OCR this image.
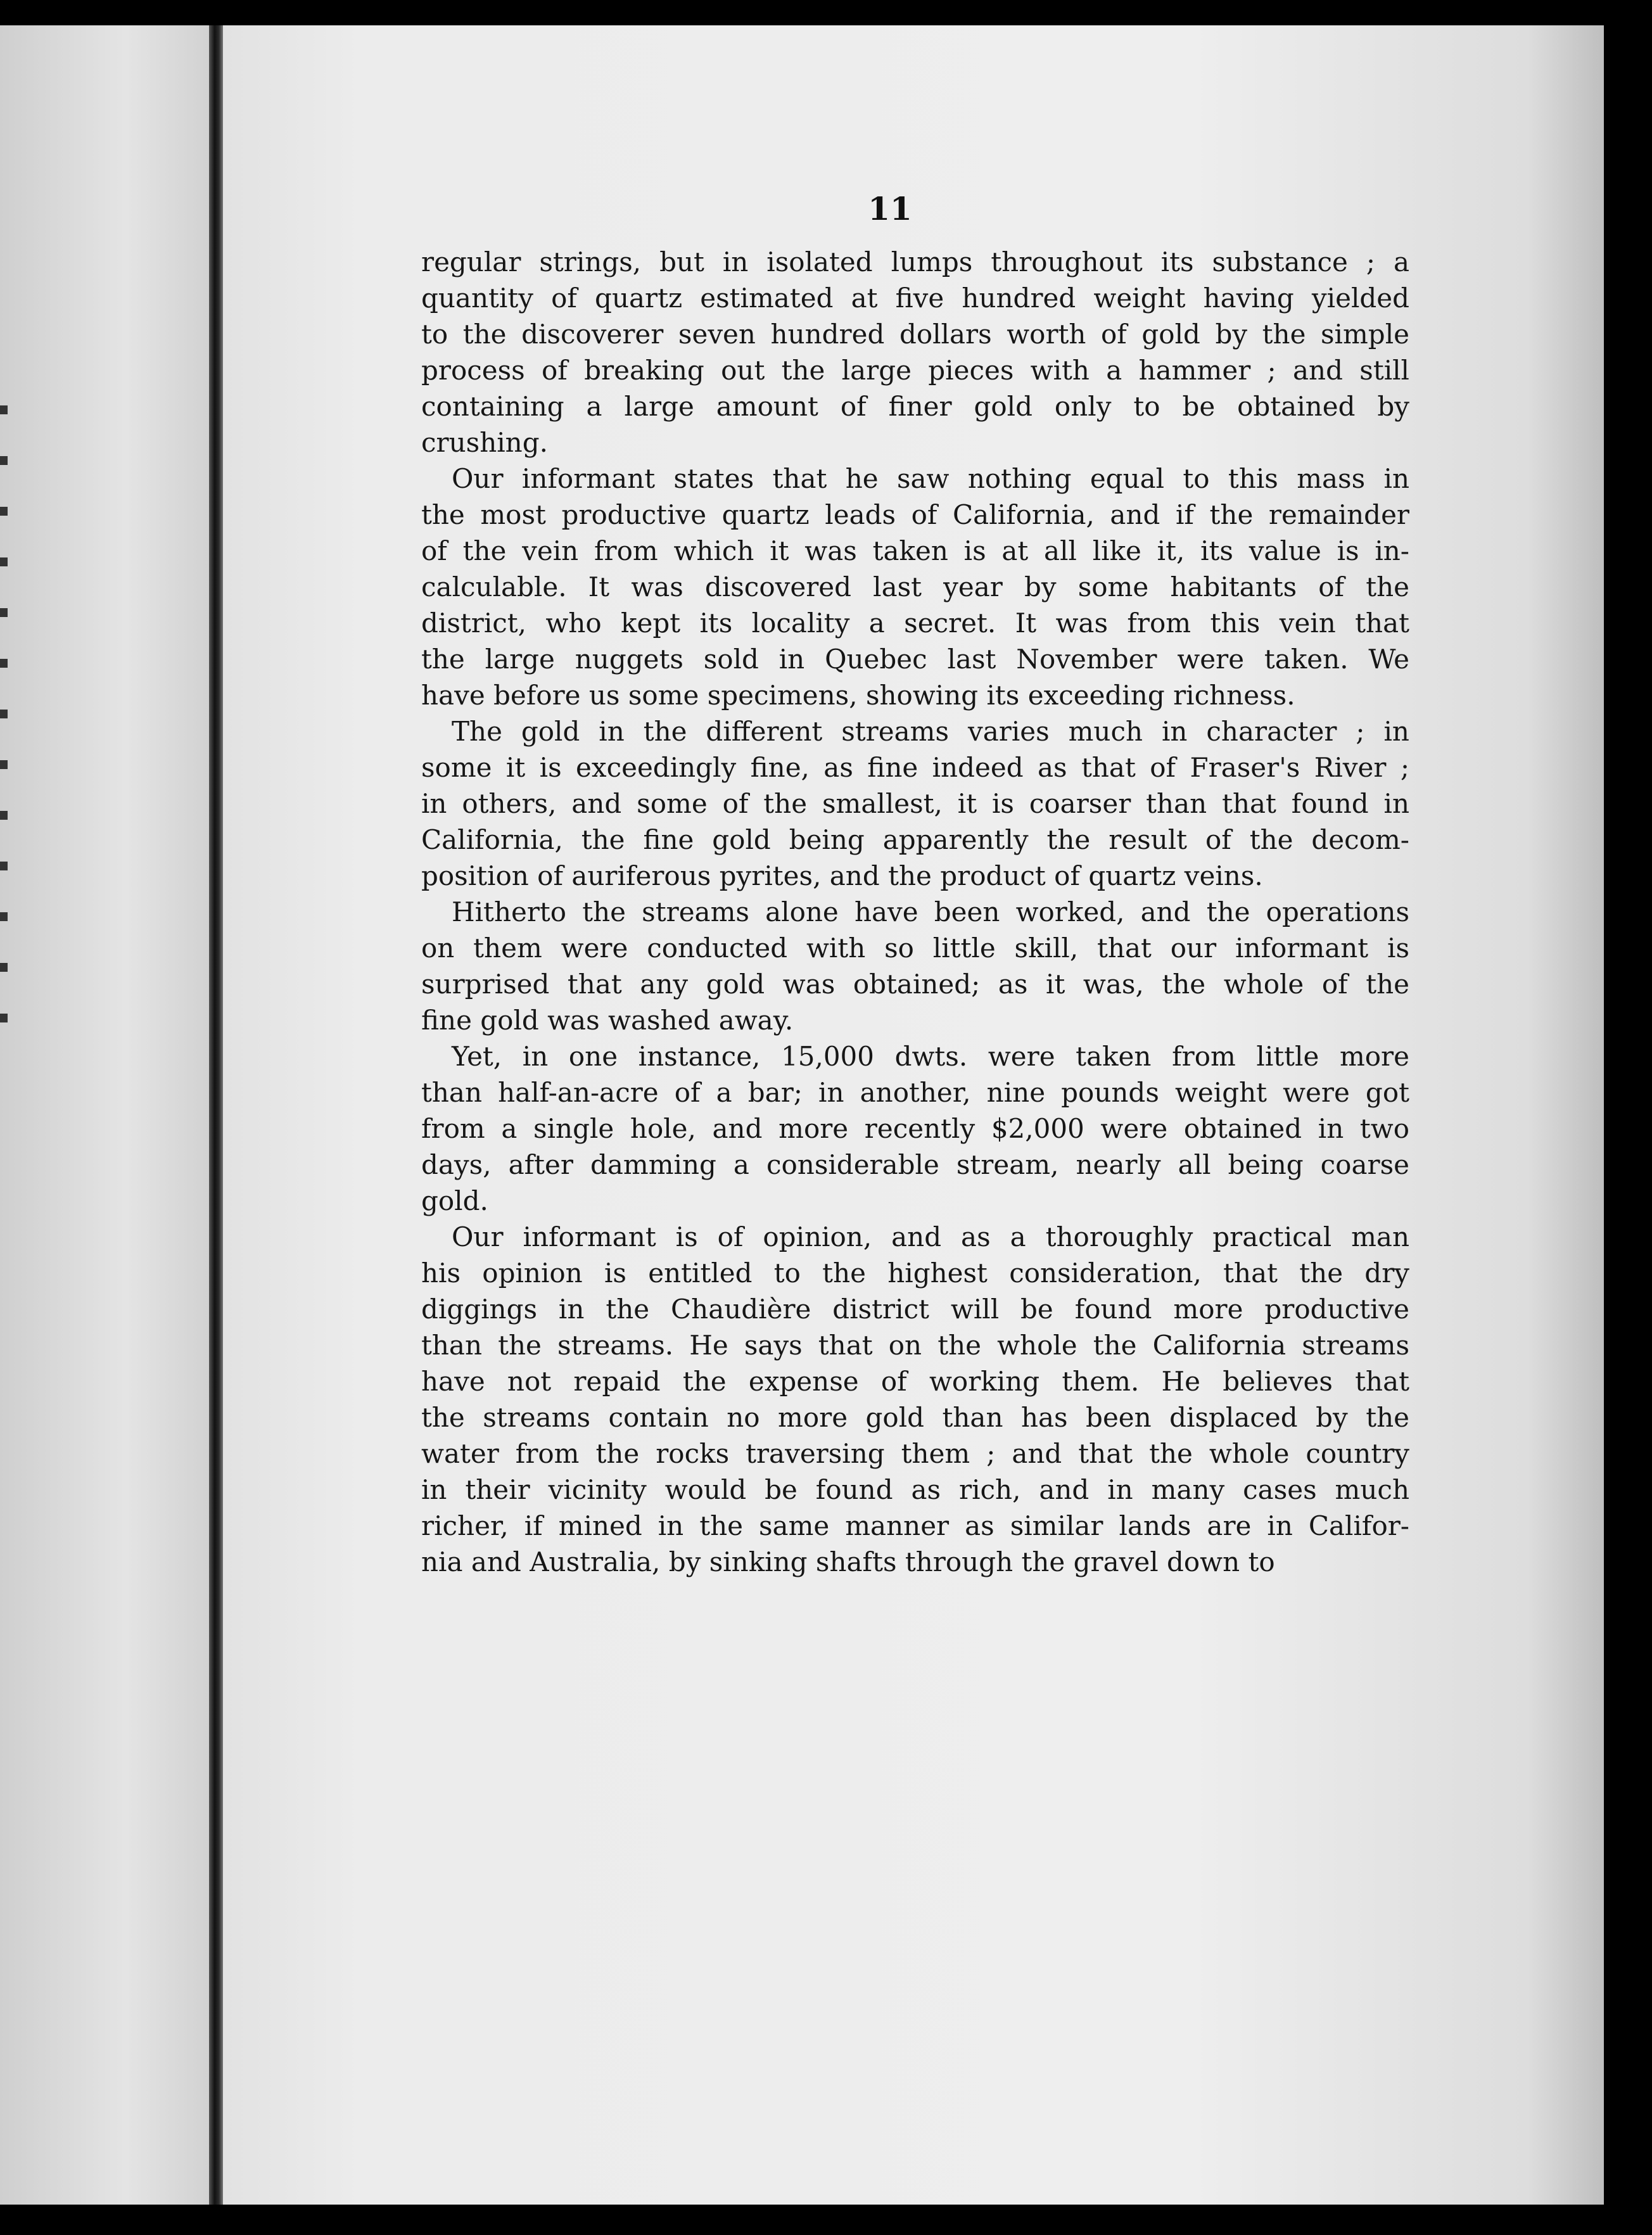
11
regular strings, but in isolated lumps throughout its substance ; a
quantity of quartz estimated at five hundred weight having yielded
to the discoverer seven hundred dollars worth of gold by the simple
process of breaking out the large pieces with a hammer ; and still
containing a large amount of finer gold only to be obtained by
crushing.
Our informant states that he saw nothing equal to this mass in
the most productive quartz leads of California, and if the remainder
of the vein from which it was taken is at all like it, its value is in-
calculable. It was discovered last year by some habitants of the
district, who kept its locality a secret. It was from this vein that
the large nuggets sold in Quebec last November were taken. We
have before us some specimens, showing its exceeding richness.
The gold in the different streams varies much in character ; in
some it is exceedingly fine, as fine indeed as that of Fraser's River ;
in others, and some of the smallest, it is coarser than that found in
California, the fine gold being apparently the result of the decom-
position of auriferous pyrites, and the product of quartz veins.
Hitherto the streams alone have been worked, and the operations
on them were conducted with so little skill, that our informant is
surprised that any gold was obtained; as it was, the whole of the
fine gold was washed away.
Yet, in one instance, 15,000 dwts. were taken from little more
than half-an-acre of a bar; in another, nine pounds weight were got
from a single hole, and more recently $2,000 were obtained in two
days, after damming a considerable stream, nearly all being coarse
gold.
Our informant is of opinion, and as a thoroughly practical man
his opinion is entitled to the highest consideration, that the dry
diggings in the Chaudière district will be found more productive
than the streams. He says that on the whole the California streams
have not repaid the expense of working them. He believes that
the streams contain no more gold than has been displaced by the
water from the rocks traversing them ; and that the whole country
in their vicinity would be found as rich, and in many cases much
richer, if mined in the same manner as similar lands are in Califor-
nia and Australia, by sinking shafts through the gravel down to
